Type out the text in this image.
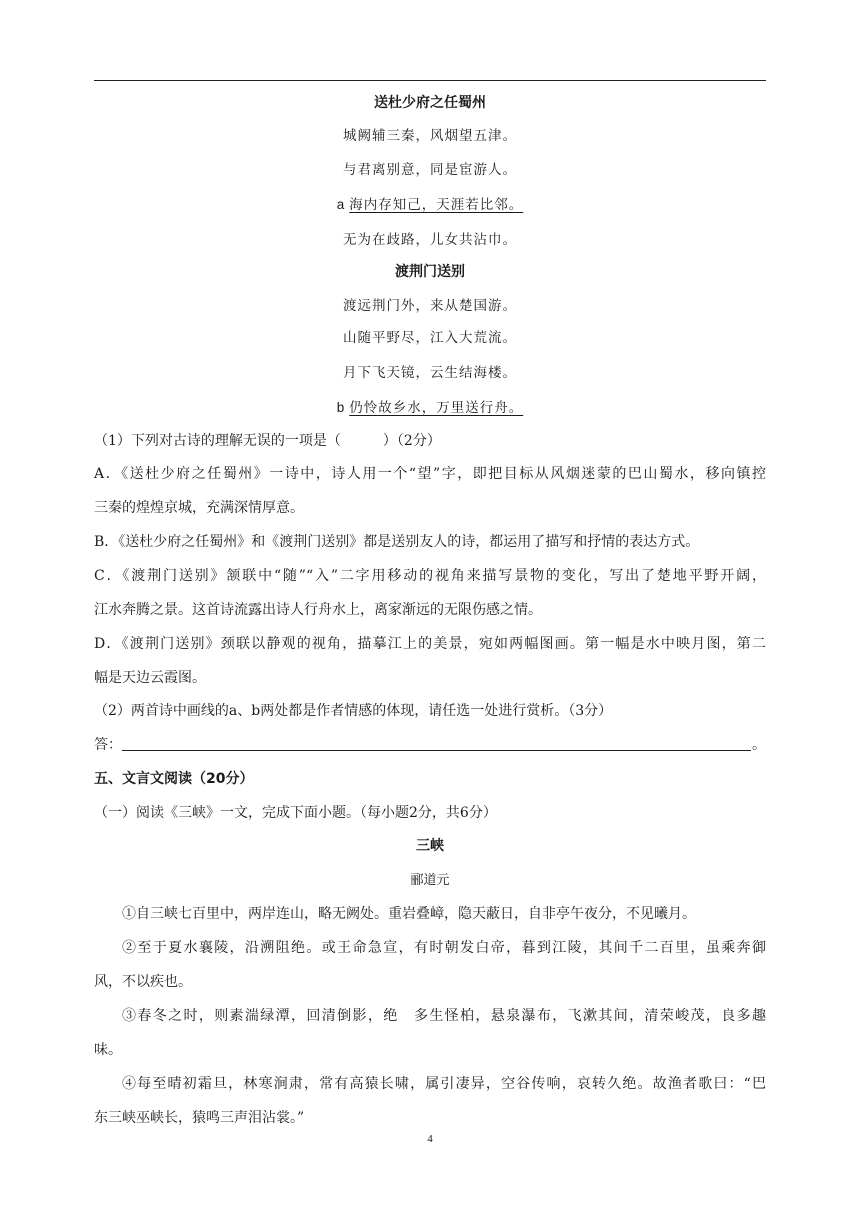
送杜少府之任蜀州
城阙辅三秦，风烟望五津。
与君离别意，同是宦游人。
a 海内存知己，天涯若比邻。
无为在歧路，儿女共沾巾。
渡荆门送别
渡远荆门外，来从楚国游。
山随平野尽，江入大荒流。
月下飞天镜，云生结海楼。
b 仍怜故乡水，万里送行舟。
（1）下列对古诗的理解无误的一项是（　　　）（2分）
A．《送杜少府之任蜀州》一诗中，诗人用一个“望”字，即把目标从风烟迷蒙的巴山蜀水，移向镇控
三秦的煌煌京城，充满深情厚意。
B．《送杜少府之任蜀州》和《渡荆门送别》都是送别友人的诗，都运用了描写和抒情的表达方式。
C．《渡荆门送别》颔联中“随”“入”二字用移动的视角来描写景物的变化，写出了楚地平野开阔，
江水奔腾之景。这首诗流露出诗人行舟水上，离家渐远的无限伤感之情。
D．《渡荆门送别》颈联以静观的视角，描摹江上的美景，宛如两幅图画。第一幅是水中映月图，第二
幅是天边云霞图。
（2）两首诗中画线的a、b两处都是作者情感的体现，请任选一处进行赏析。（3分）
答：	。
五、文言文阅读（20分）
（一）阅读《三峡》一文，完成下面小题。（每小题2分，共6分）
三峡
郦道元
①自三峡七百里中，两岸连山，略无阙处。重岩叠嶂，隐天蔽日，自非亭午夜分，不见曦月。
②至于夏水襄陵，沿溯阻绝。或王命急宣，有时朝发白帝，暮到江陵，其间千二百里，虽乘奔御
风，不以疾也。
③春冬之时，则素湍绿潭，回清倒影，绝　多生怪柏，悬泉瀑布，飞漱其间，清荣峻茂，良多趣
味。
④每至晴初霜旦，林寒涧肃，常有高猿长啸，属引凄异，空谷传响，哀转久绝。故渔者歌曰：“巴
东三峡巫峡长，猿鸣三声泪沾裳。”
4
